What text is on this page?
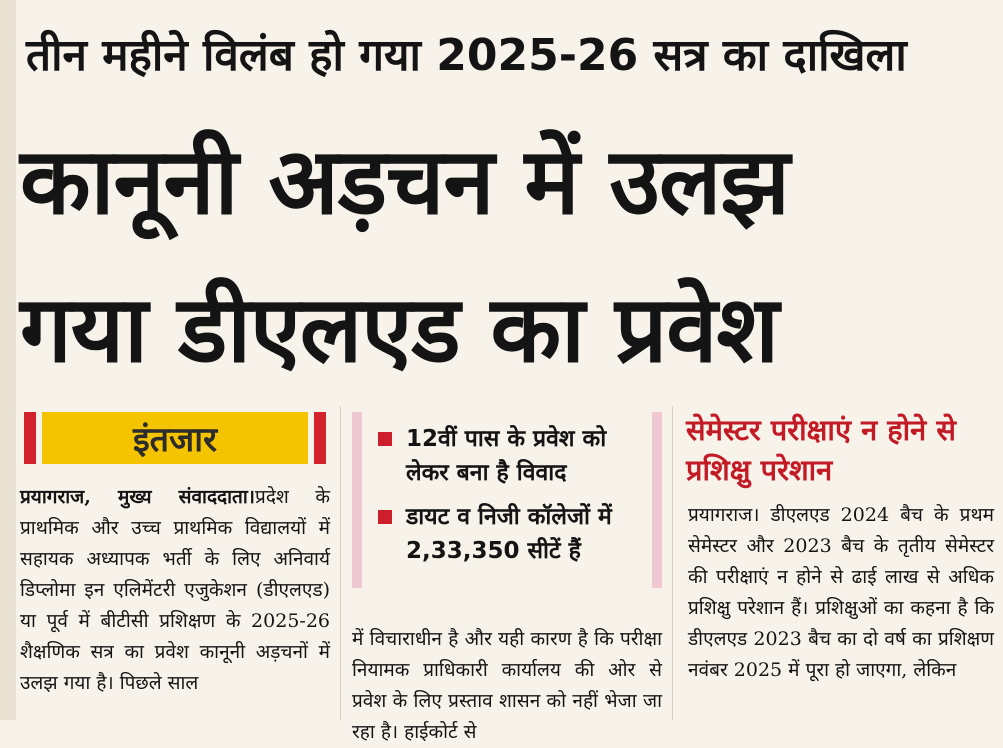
तीन महीने विलंब हो गया 2025-26 सत्र का दाखिला
कानूनी अड़चन में उलझ
गया डीएलएड का प्रवेश
इंतजार

प्रयागराज, मुख्य संवाददाता।प्रदेश के प्राथमिक और उच्च प्राथमिक विद्यालयों में सहायक अध्यापक भर्ती के लिए अनिवार्य डिप्लोमा इन एलिमेंटरी एजुकेशन (डीएलएड) या पूर्व में बीटीसी प्रशिक्षण के 2025-26 शैक्षणिक सत्र का प्रवेश कानूनी अड़चनों में उलझ गया है। पिछले साल

12वीं पास के प्रवेश को लेकर बना है विवाद
डायट व निजी कॉलेजों में 2,33,350 सीटें हैं

में विचाराधीन है और यही कारण है कि परीक्षा नियामक प्राधिकारी कार्यालय की ओर से प्रवेश के लिए प्रस्ताव शासन को नहीं भेजा जा रहा है। हाईकोर्ट से

सेमेस्टर परीक्षाएं न होने से प्रशिक्षु परेशान

प्रयागराज। डीएलएड 2024 बैच के प्रथम सेमेस्टर और 2023 बैच के तृतीय सेमेस्टर की परीक्षाएं न होने से ढाई लाख से अधिक प्रशिक्षु परेशान हैं। प्रशिक्षुओं का कहना है कि डीएलएड 2023 बैच का दो वर्ष का प्रशिक्षण नवंबर 2025 में पूरा हो जाएगा, लेकिन
